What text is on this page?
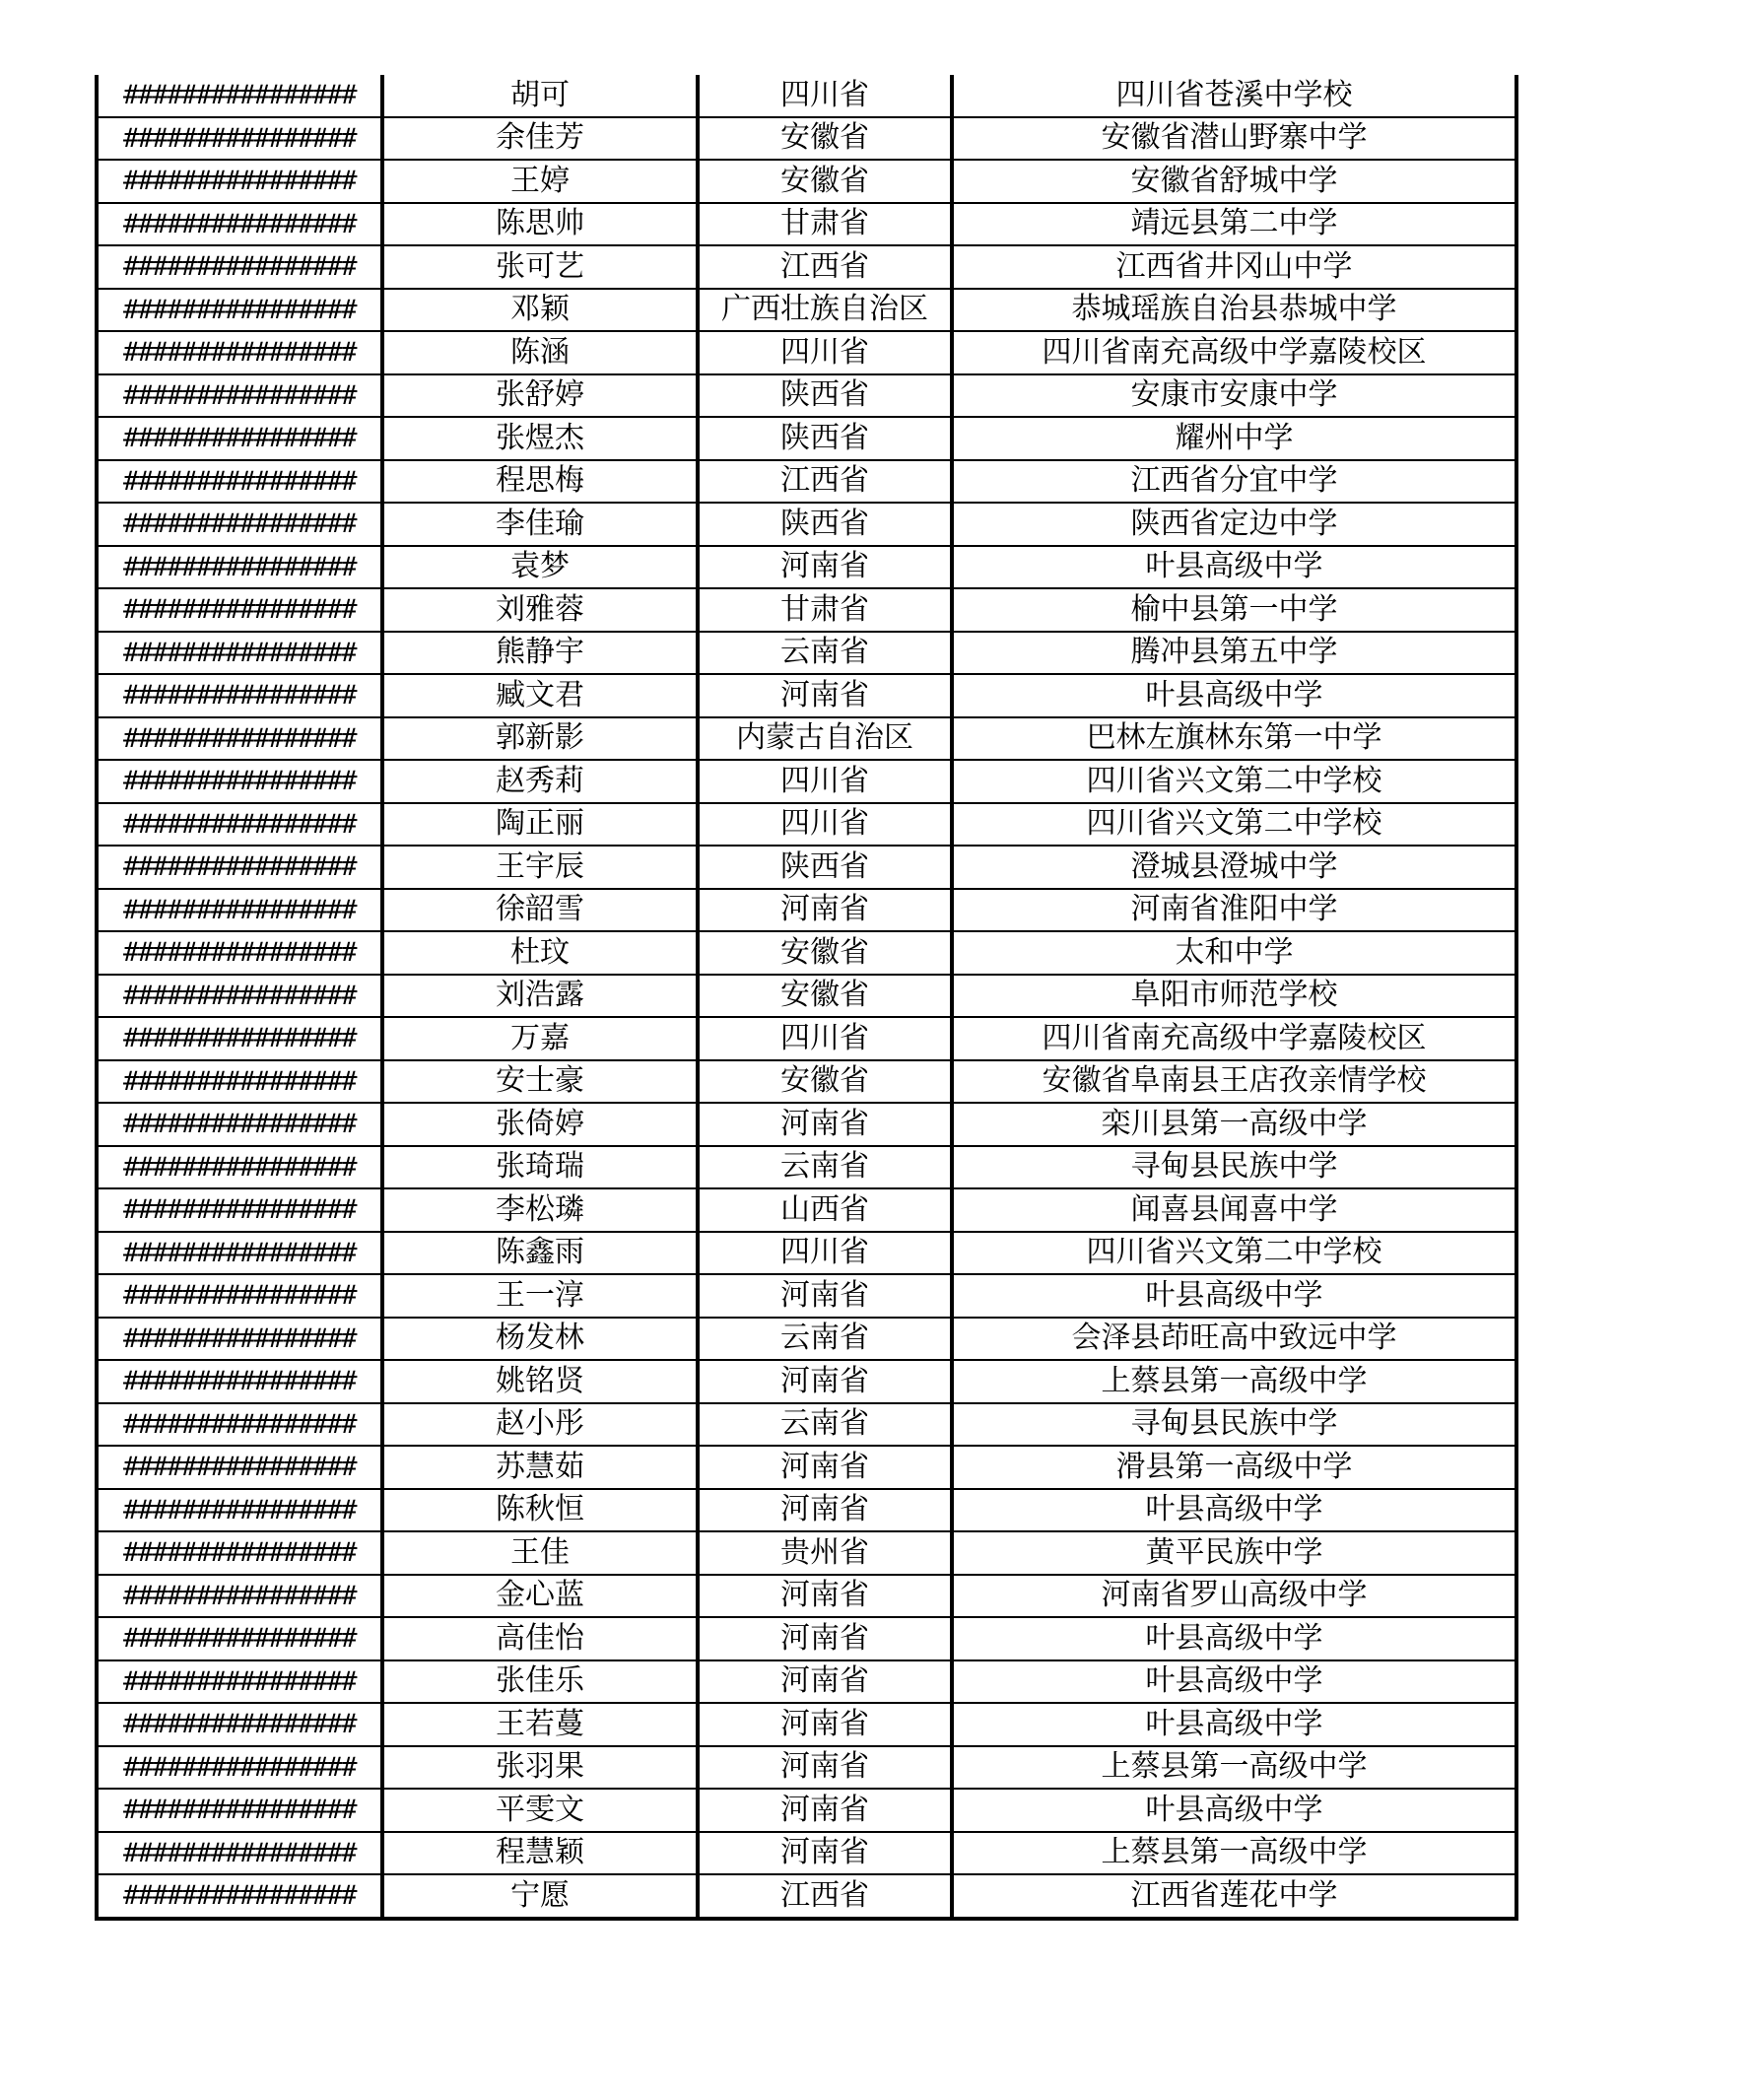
################	胡可	四川省	四川省苍溪中学校
################	余佳芳	安徽省	安徽省潜山野寨中学
################	王婷	安徽省	安徽省舒城中学
################	陈思帅	甘肃省	靖远县第二中学
################	张可艺	江西省	江西省井冈山中学
################	邓颖	广西壮族自治区	恭城瑶族自治县恭城中学
################	陈涵	四川省	四川省南充高级中学嘉陵校区
################	张舒婷	陕西省	安康市安康中学
################	张煜杰	陕西省	耀州中学
################	程思梅	江西省	江西省分宜中学
################	李佳瑜	陕西省	陕西省定边中学
################	袁梦	河南省	叶县高级中学
################	刘雅蓉	甘肃省	榆中县第一中学
################	熊静宇	云南省	腾冲县第五中学
################	臧文君	河南省	叶县高级中学
################	郭新影	内蒙古自治区	巴林左旗林东第一中学
################	赵秀莉	四川省	四川省兴文第二中学校
################	陶正丽	四川省	四川省兴文第二中学校
################	王宇辰	陕西省	澄城县澄城中学
################	徐韶雪	河南省	河南省淮阳中学
################	杜玟	安徽省	太和中学
################	刘浩露	安徽省	阜阳市师范学校
################	万嘉	四川省	四川省南充高级中学嘉陵校区
################	安士豪	安徽省	安徽省阜南县王店孜亲情学校
################	张倚婷	河南省	栾川县第一高级中学
################	张琦瑞	云南省	寻甸县民族中学
################	李松璘	山西省	闻喜县闻喜中学
################	陈鑫雨	四川省	四川省兴文第二中学校
################	王一淳	河南省	叶县高级中学
################	杨发林	云南省	会泽县茚旺高中致远中学
################	姚铭贤	河南省	上蔡县第一高级中学
################	赵小彤	云南省	寻甸县民族中学
################	苏慧茹	河南省	滑县第一高级中学
################	陈秋恒	河南省	叶县高级中学
################	王佳	贵州省	黄平民族中学
################	金心蓝	河南省	河南省罗山高级中学
################	高佳怡	河南省	叶县高级中学
################	张佳乐	河南省	叶县高级中学
################	王若蔓	河南省	叶县高级中学
################	张羽果	河南省	上蔡县第一高级中学
################	平雯文	河南省	叶县高级中学
################	程慧颖	河南省	上蔡县第一高级中学
################	宁愿	江西省	江西省莲花中学
